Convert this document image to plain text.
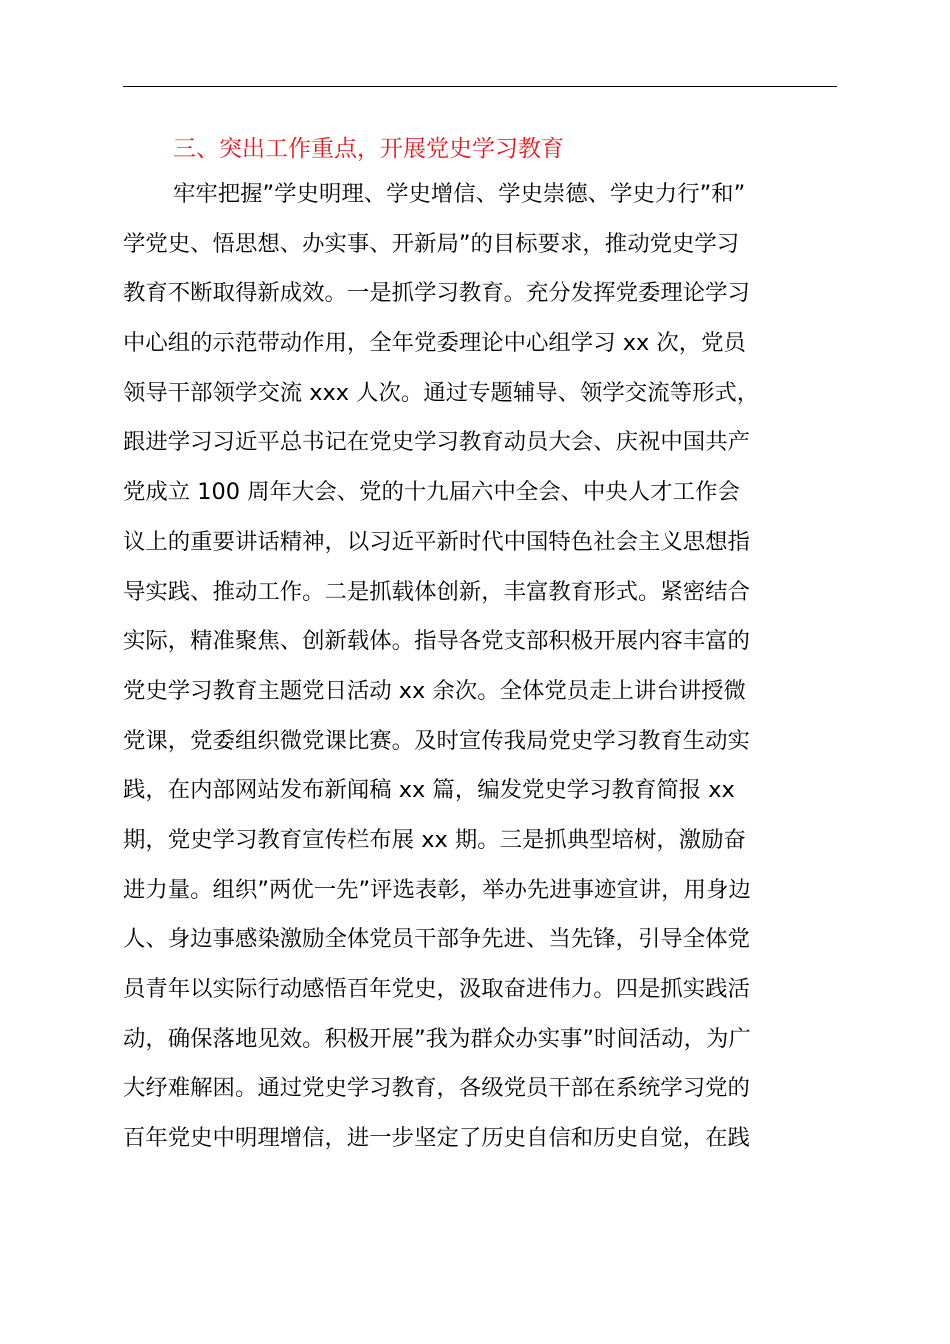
三、突出工作重点，开展党史学习教育
牢牢把握”学史明理、学史增信、学史崇德、学史力行”和”
学党史、悟思想、办实事、开新局”的目标要求，推动党史学习
教育不断取得新成效。一是抓学习教育。充分发挥党委理论学习
中心组的示范带动作用，全年党委理论中心组学习 xx 次，党员
领导干部领学交流 xxx 人次。通过专题辅导、领学交流等形式，
跟进学习习近平总书记在党史学习教育动员大会、庆祝中国共产
党成立 100 周年大会、党的十九届六中全会、中央人才工作会
议上的重要讲话精神，以习近平新时代中国特色社会主义思想指
导实践、推动工作。二是抓载体创新，丰富教育形式。紧密结合
实际，精准聚焦、创新载体。指导各党支部积极开展内容丰富的
党史学习教育主题党日活动 xx 余次。全体党员走上讲台讲授微
党课，党委组织微党课比赛。及时宣传我局党史学习教育生动实
践，在内部网站发布新闻稿 xx 篇，编发党史学习教育简报 xx
期，党史学习教育宣传栏布展 xx 期。三是抓典型培树，激励奋
进力量。组织”两优一先”评选表彰，举办先进事迹宣讲，用身边
人、身边事感染激励全体党员干部争先进、当先锋，引导全体党
员青年以实际行动感悟百年党史，汲取奋进伟力。四是抓实践活
动，确保落地见效。积极开展”我为群众办实事”时间活动，为广
大纾难解困。通过党史学习教育，各级党员干部在系统学习党的
百年党史中明理增信，进一步坚定了历史自信和历史自觉，在践
